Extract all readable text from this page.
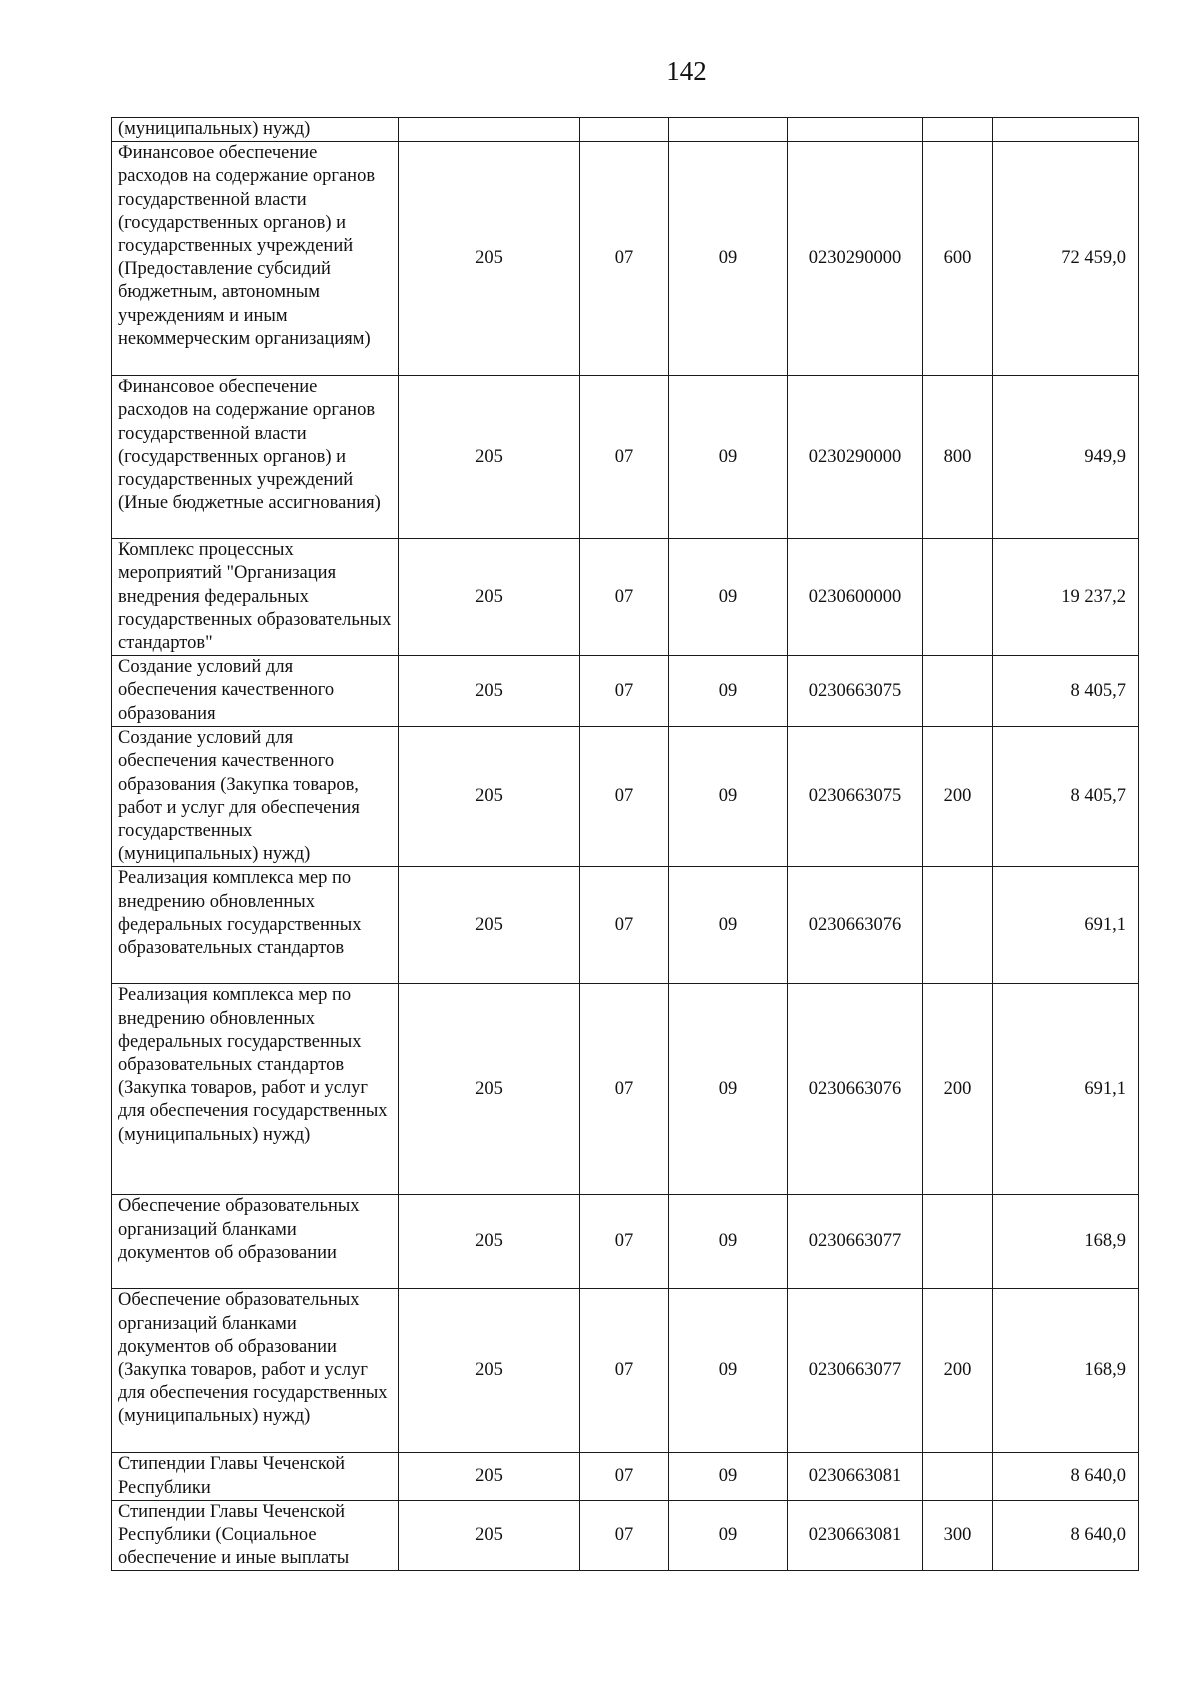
142
(муниципальных) нужд)						
Финансовое обеспечение расходов на содержание органов государственной власти (государственных органов) и государственных учреждений (Предоставление субсидий бюджетным, автономным учреждениям и иным некоммерческим организациям)	205	07	09	0230290000	600	72 459,0
Финансовое обеспечение расходов на содержание органов государственной власти (государственных органов) и государственных учреждений (Иные бюджетные ассигнования)	205	07	09	0230290000	800	949,9
Комплекс процессных мероприятий "Организация внедрения федеральных государственных образовательных стандартов"	205	07	09	0230600000		19 237,2
Создание условий для обеспечения качественного образования	205	07	09	0230663075		8 405,7
Создание условий для обеспечения качественного образования (Закупка товаров, работ и услуг для обеспечения государственных (муниципальных) нужд)	205	07	09	0230663075	200	8 405,7
Реализация комплекса мер по внедрению обновленных федеральных государственных образовательных стандартов	205	07	09	0230663076		691,1
Реализация комплекса мер по внедрению обновленных федеральных государственных образовательных стандартов (Закупка товаров, работ и услуг для обеспечения государственных (муниципальных) нужд)	205	07	09	0230663076	200	691,1
Обеспечение образовательных организаций бланками документов об образовании	205	07	09	0230663077		168,9
Обеспечение образовательных организаций бланками документов об образовании (Закупка товаров, работ и услуг для обеспечения государственных (муниципальных) нужд)	205	07	09	0230663077	200	168,9
Стипендии Главы Чеченской Республики	205	07	09	0230663081		8 640,0
Стипендии Главы Чеченской Республики (Социальное обеспечение и иные выплаты	205	07	09	0230663081	300	8 640,0
